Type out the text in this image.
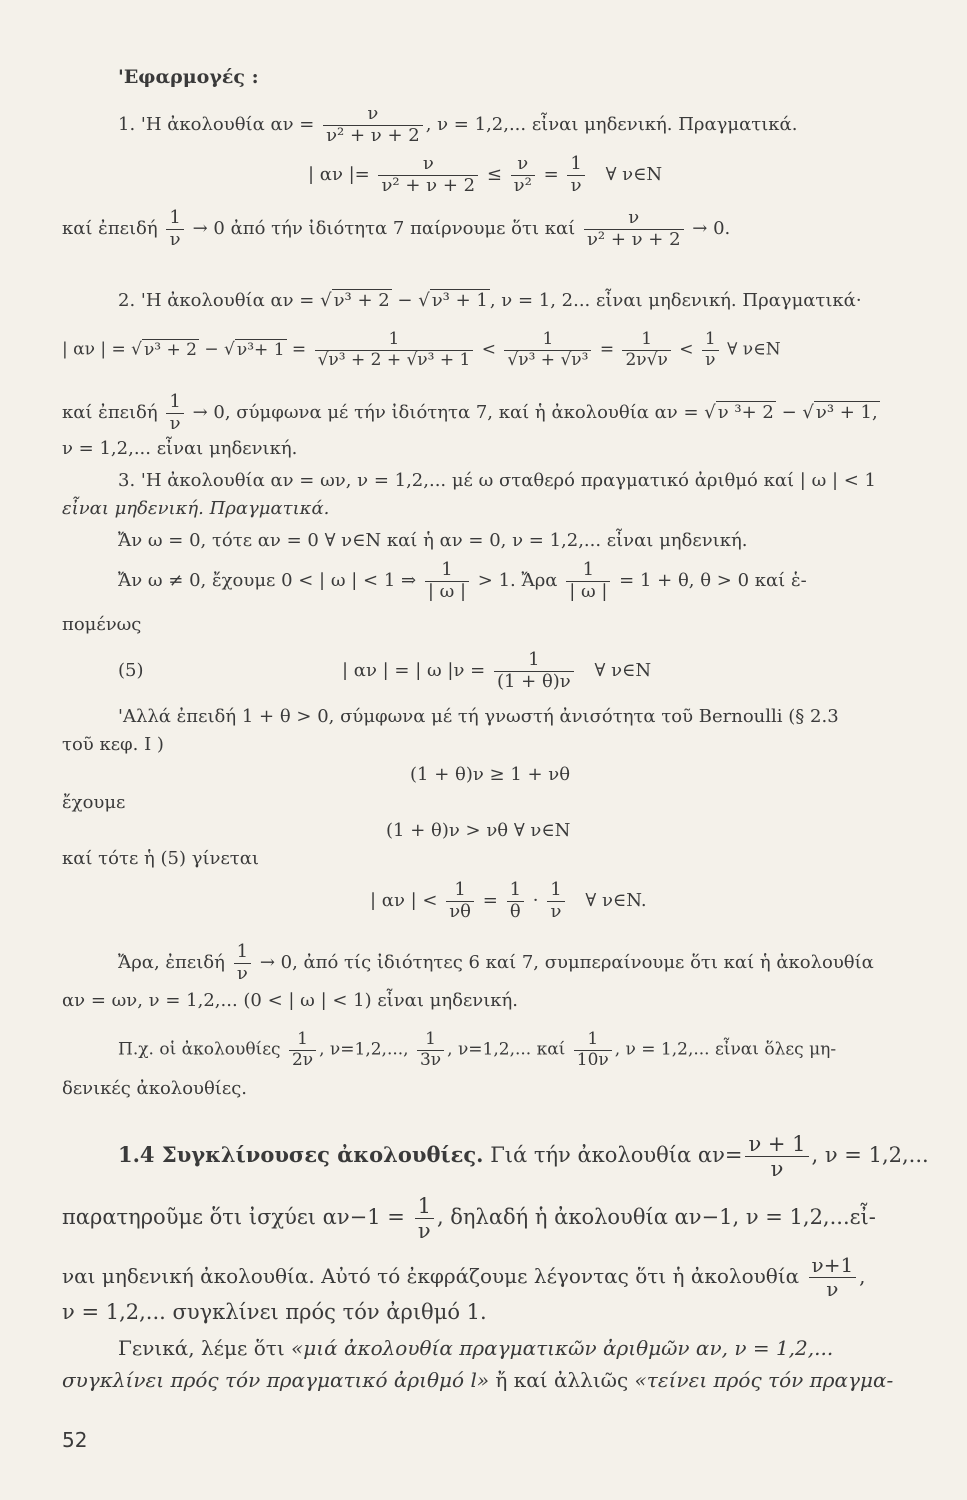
'Εφαρμογές :
1. 'Η ἀκολουθία $\alpha\nu = \frac{\nu}{\text{ν² + ν + 2}}$ , ν = 1,2,... εἶναι μηδενική. Πραγματικά.
| αν |= $\frac{\nu}{\text{ν² + ν + 2}} \le \frac{\nu}{\text{ν²}} = \frac{1}{\nu}$ ∀ ν∈N
καί ἐπειδή $\frac{1}{\nu} \to 0$ ἀπό τήν ἰδιότητα 7 παίρνουμε ὅτι καί $\frac{\nu}{\text{ν² + ν + 2}} \to 0$.
2. 'Η ἀκολουθία αν = √ ν³ + 2 − √ ν³ + 1 , ν = 1, 2... εἶναι μηδενική. Πραγματικά·
| αν | = √ ν³ + 2 − √ $\nu^3+ 1 = \frac{1}{\text{√ν³ + 2 + √ν³ + 1}} < \frac{1}{\text{√ν³ + √ν³}} = \frac{1}{2\nu√\nu} < \frac{1}{\nu}$ ∀ ν∈N
καί ἐπειδή $\frac{1}{\nu} \to 0$, σύμφωνα μέ τήν ἰδιότητα 7, καί ἡ ἀκολουθία αν = √ ν ³+ 2 − √ ν³ + 1,
ν = 1,2,... εἶναι μηδενική.
3. 'Η ἀκολουθία αν = ων, ν = 1,2,... μέ ω σταθερό πραγματικό ἀριθμό καί | ω | < 1
εἶναι μηδενική. Πραγματικά.
Ἄν ω = 0, τότε αν = 0 ∀ ν∈N καί ἡ αν = 0, ν = 1,2,... εἶναι μηδενική.
Ἄν ω ≠ 0, ἔχουμε 0 < | ω | < 1 ⇒ $\frac{1}{| \omega |} > 1$. Ἄρα $\frac{1}{| \omega |} = 1 + \theta$, θ > 0 καί ἑ-
πομένως
(5)	| αν | = | ω $|\nu = \frac{1}{(1 + \theta)\nu}$ ∀ ν∈N
'Αλλά ἐπειδή 1 + θ > 0, σύμφωνα μέ τή γνωστή ἀνισότητα τοῦ Bernoulli (§ 2.3
τοῦ κεφ. I )
(1 + θ)ν ≥ 1 + νθ
ἔχουμε
(1 + θ)ν > νθ ∀ ν∈N
καί τότε ἡ (5) γίνεται
| αν | < $\frac{1}{\nu\theta} = \frac{1}{\theta} \cdot \frac{1}{\nu}$ ∀ ν∈N.
Ἄρα, ἐπειδή $\frac{1}{\nu} \to 0$, ἀπό τίς ἰδιότητες 6 καί 7, συμπεραίνουμε ὅτι καί ἡ ἀκολουθία
αν = ων, ν = 1,2,... (0 < | ω | < 1) εἶναι μηδενική.
Π.χ. οἱ ἀκολουθίες $\frac{1}{2\nu}$ , ν=1,2,..., $\frac{1}{3\nu}$ , ν=1,2,... καί $\frac{1}{10\nu}$ , ν = 1,2,... εἶναι ὅλες μη-
δενικές ἀκολουθίες.
1.4 Συγκλίνουσες ἀκολουθίες. Γιά τήν ἀκολουθία $\alpha\nu= \frac{\nu + 1}{\nu}$ , ν = 1,2,...
παρατηροῦμε ὅτι ἰσχύει $\alpha\nu-1 = \frac{1}{\nu}$ , δηλαδή ἡ ἀκολουθία αν−1, ν = 1,2,...εἶ-
ναι μηδενική ἀκολουθία. Αὐτό τό ἐκφράζουμε λέγοντας ὅτι ἡ ἀκολουθία $\frac{\nu+1}{\nu}$ ,
ν = 1,2,... συγκλίνει πρός τόν ἀριθμό 1.
Γενικά, λέμε ὅτι «μιά ἀκολουθία πραγματικῶν ἀριθμῶν αν, ν = 1,2,...
συγκλίνει πρός τόν πραγματικό ἀριθμό l» ἤ καί ἀλλιῶς «τείνει πρός τόν πραγμα-
52
